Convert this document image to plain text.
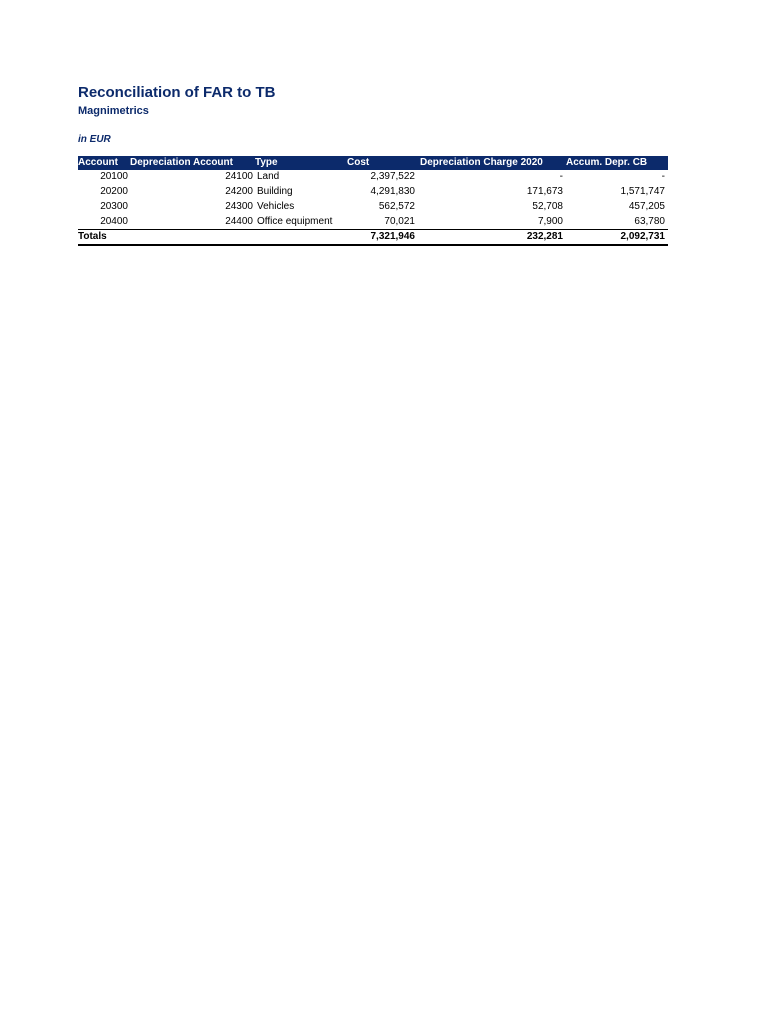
Reconciliation of FAR to TB
Magnimetrics
in EUR
Account	Depreciation Account	Type	Cost	Depreciation Charge 2020	Accum. Depr. CB
20100	24100	Land	2,397,522	-	-
20200	24200	Building	4,291,830	171,673	1,571,747
20300	24300	Vehicles	562,572	52,708	457,205
20400	24400	Office equipment	70,021	7,900	63,780
Totals			7,321,946	232,281	2,092,731
